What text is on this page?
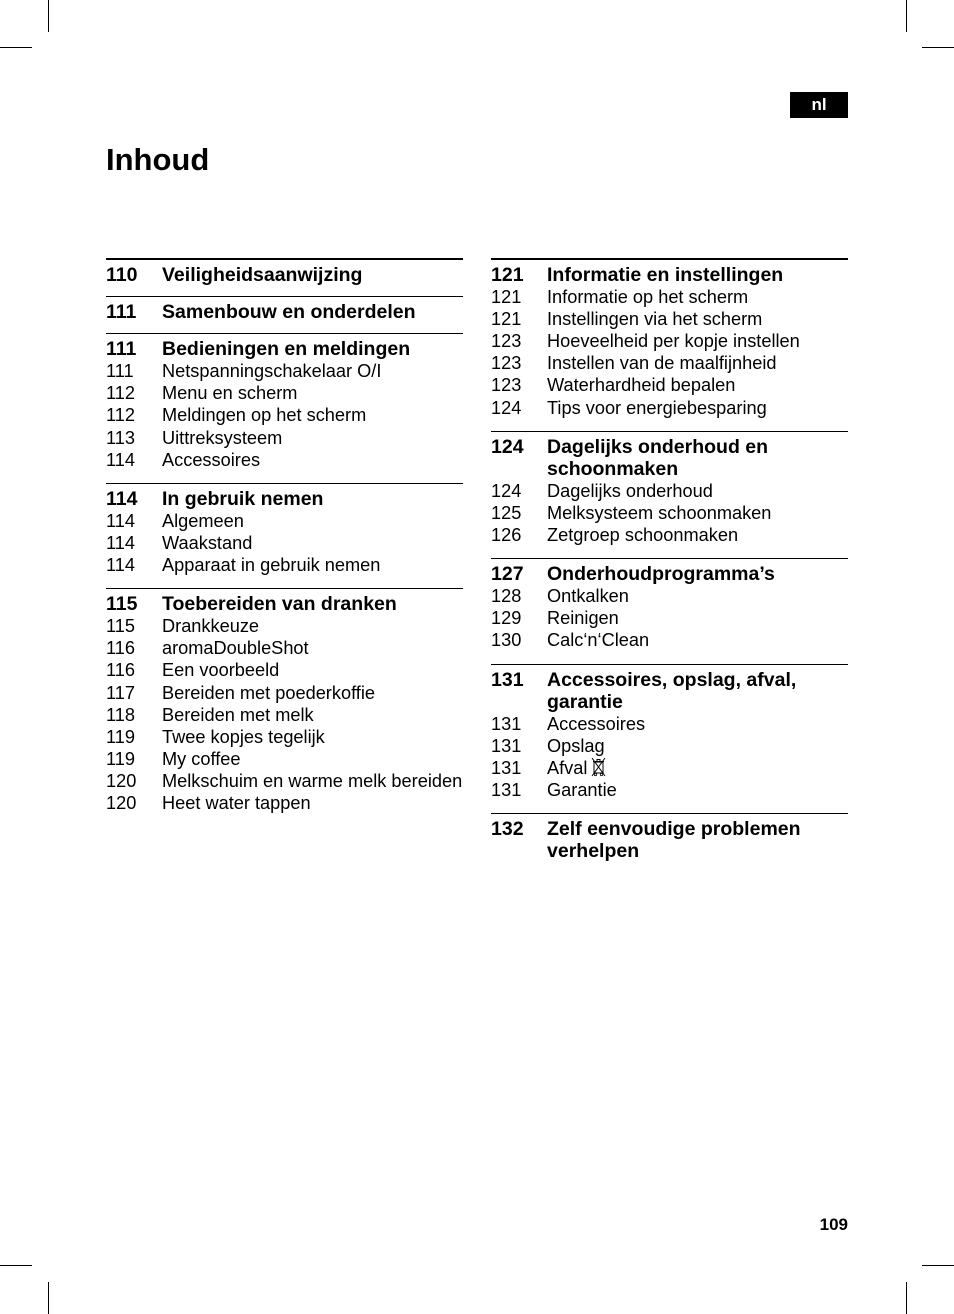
nl
Inhoud
110	Veiligheidsaanwijzing
111	Samenbouw en onderdelen
111	Bedieningen en meldingen
111	Netspanningschakelaar O/I
112	Menu en scherm
112	Meldingen op het scherm
113	Uittreksysteem
114	Accessoires
114	In gebruik nemen
114	Algemeen
114	Waakstand
114	Apparaat in gebruik nemen
115	Toebereiden van dranken
115	Drankkeuze
116	aromaDoubleShot
116	Een voorbeeld
117	Bereiden met poederkoffie
118	Bereiden met melk
119	Twee kopjes tegelijk
119	My coffee
120	Melkschuim en warme melk bereiden
120	Heet water tappen
121	Informatie en instellingen
121	Informatie op het scherm
121	Instellingen via het scherm
123	Hoeveelheid per kopje instellen
123	Instellen van de maalfijnheid
123	Waterhardheid bepalen
124	Tips voor energiebesparing
124	Dagelijks onderhoud en schoonmaken
124	Dagelijks onderhoud
125	Melksysteem schoonmaken
126	Zetgroep schoonmaken
127	Onderhoudprogramma’s
128	Ontkalken
129	Reinigen
130	Calc‘n‘Clean
131	Accessoires, opslag, afval, garantie
131	Accessoires
131	Opslag
131	Afval
131	Garantie
132	Zelf eenvoudige problemen verhelpen
109
